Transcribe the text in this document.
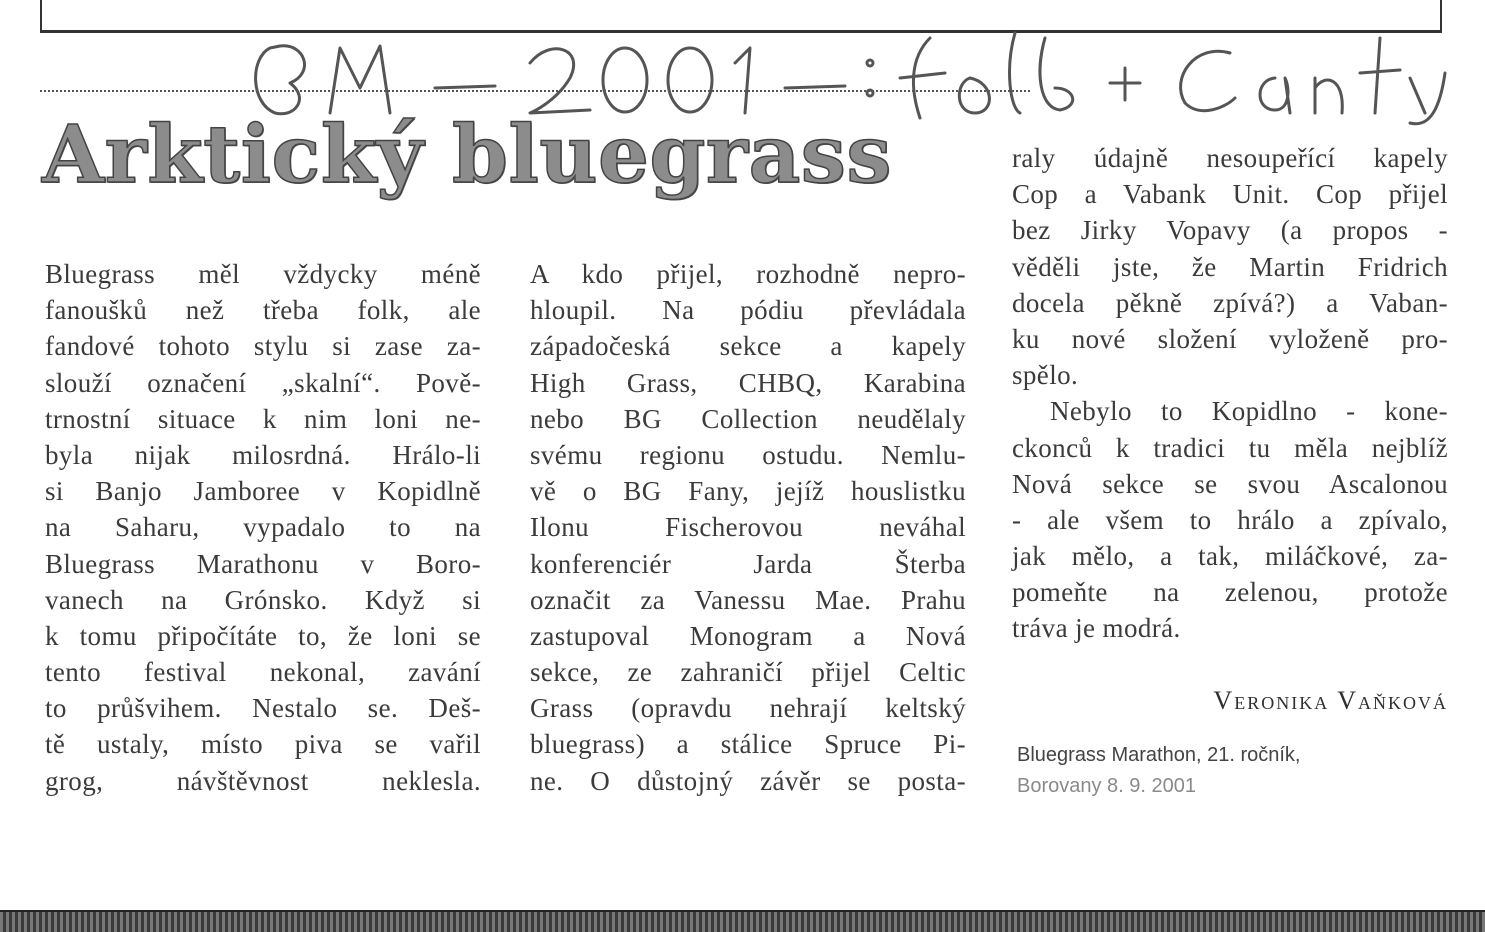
Arktický bluegrass
Bluegrass měl vždycky méně
fanoušků než třeba folk, ale
fandové tohoto stylu si zase za-
slouží označení „skalní“. Pově-
trnostní situace k nim loni ne-
byla nijak milosrdná. Hrálo-li
si Banjo Jamboree v Kopidlně
na Saharu, vypadalo to na
Bluegrass Marathonu v Boro-
vanech na Grónsko. Když si
k tomu připočítáte to, že loni se
tento festival nekonal, zavání
to průšvihem. Nestalo se. Deš-
tě ustaly, místo piva se vařil
grog, návštěvnost neklesla.
A kdo přijel, rozhodně nepro-
hloupil. Na pódiu převládala
západočeská sekce a kapely
High Grass, CHBQ, Karabina
nebo BG Collection neudělaly
svému regionu ostudu. Nemlu-
vě o BG Fany, jejíž houslistku
Ilonu Fischerovou neváhal
konferenciér Jarda Šterba
označit za Vanessu Mae. Prahu
zastupoval Monogram a Nová
sekce, ze zahraničí přijel Celtic
Grass (opravdu nehrají keltský
bluegrass) a stálice Spruce Pi-
ne. O důstojný závěr se posta-
raly údajně nesoupeřící kapely
Cop a Vabank Unit. Cop přijel
bez Jirky Vopavy (a propos -
věděli jste, že Martin Fridrich
docela pěkně zpívá?) a Vaban-
ku nové složení vyloženě pro-
spělo.
Nebylo to Kopidlno - kone-
ckonců k tradici tu měla nejblíž
Nová sekce se svou Ascalonou
- ale všem to hrálo a zpívalo,
jak mělo, a tak, miláčkové, za-
pomeňte na zelenou, protože
tráva je modrá.
Veronika Vaňková
Bluegrass Marathon, 21. ročník,
Borovany 8. 9. 2001
